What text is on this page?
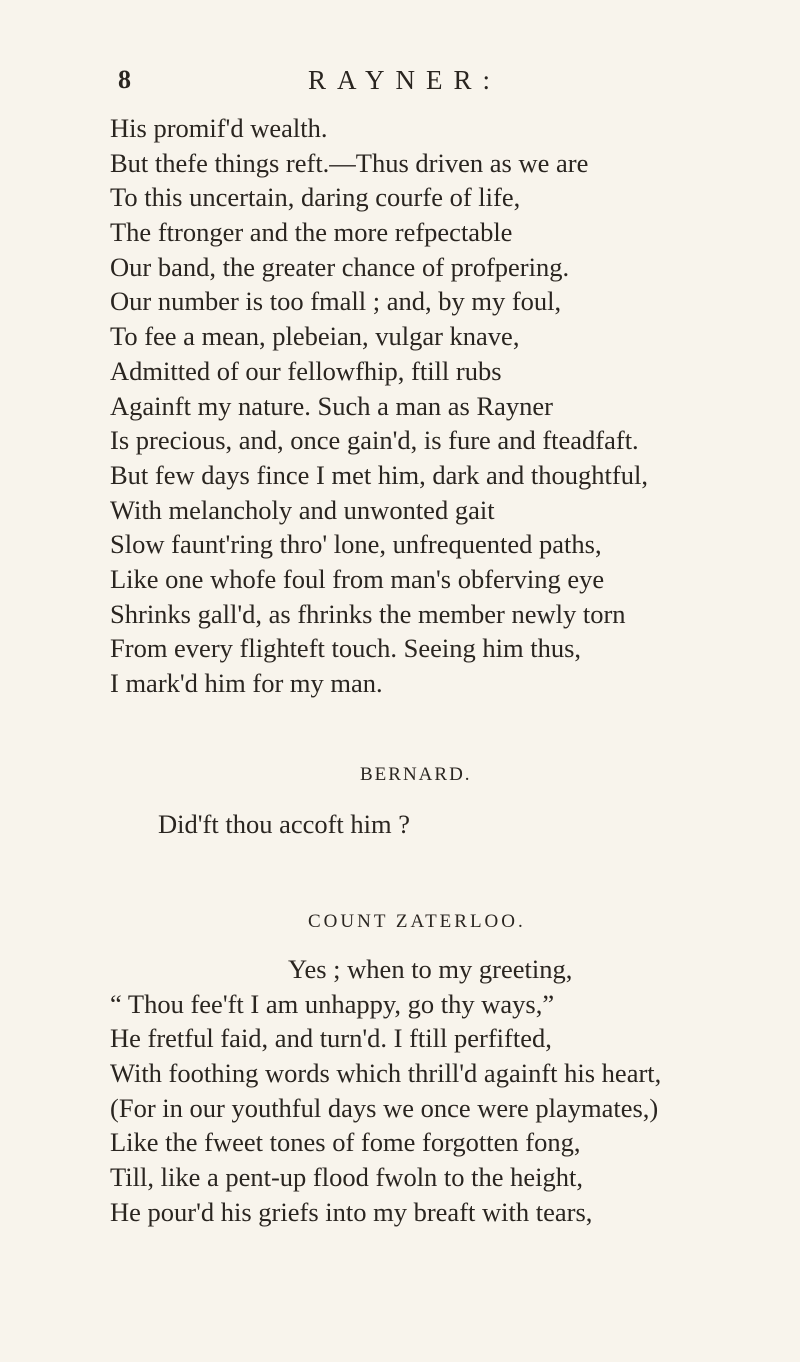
8	RAYNER:
His promif'd wealth.
But thefe things reft.—Thus driven as we are
To this uncertain, daring courfe of life,
The ftronger and the more refpectable
Our band, the greater chance of profpering.
Our number is too fmall ; and, by my foul,
To fee a mean, plebeian, vulgar knave,
Admitted of our fellowfhip, ftill rubs
Againft my nature. Such a man as Rayner
Is precious, and, once gain'd, is fure and fteadfaft.
But few days fince I met him, dark and thoughtful,
With melancholy and unwonted gait
Slow faunt'ring thro' lone, unfrequented paths,
Like one whofe foul from man's obferving eye
Shrinks gall'd, as fhrinks the member newly torn
From every flighteft touch. Seeing him thus,
I mark'd him for my man.
BERNARD.
Did'ft thou accoft him ?
COUNT ZATERLOO.
Yes ; when to my greeting,
“ Thou fee'ft I am unhappy, go thy ways,”
He fretful faid, and turn'd. I ftill perfifted,
With foothing words which thrill'd againft his heart,
(For in our youthful days we once were playmates,)
Like the fweet tones of fome forgotten fong,
Till, like a pent-up flood fwoln to the height,
He pour'd his griefs into my breaft with tears,
